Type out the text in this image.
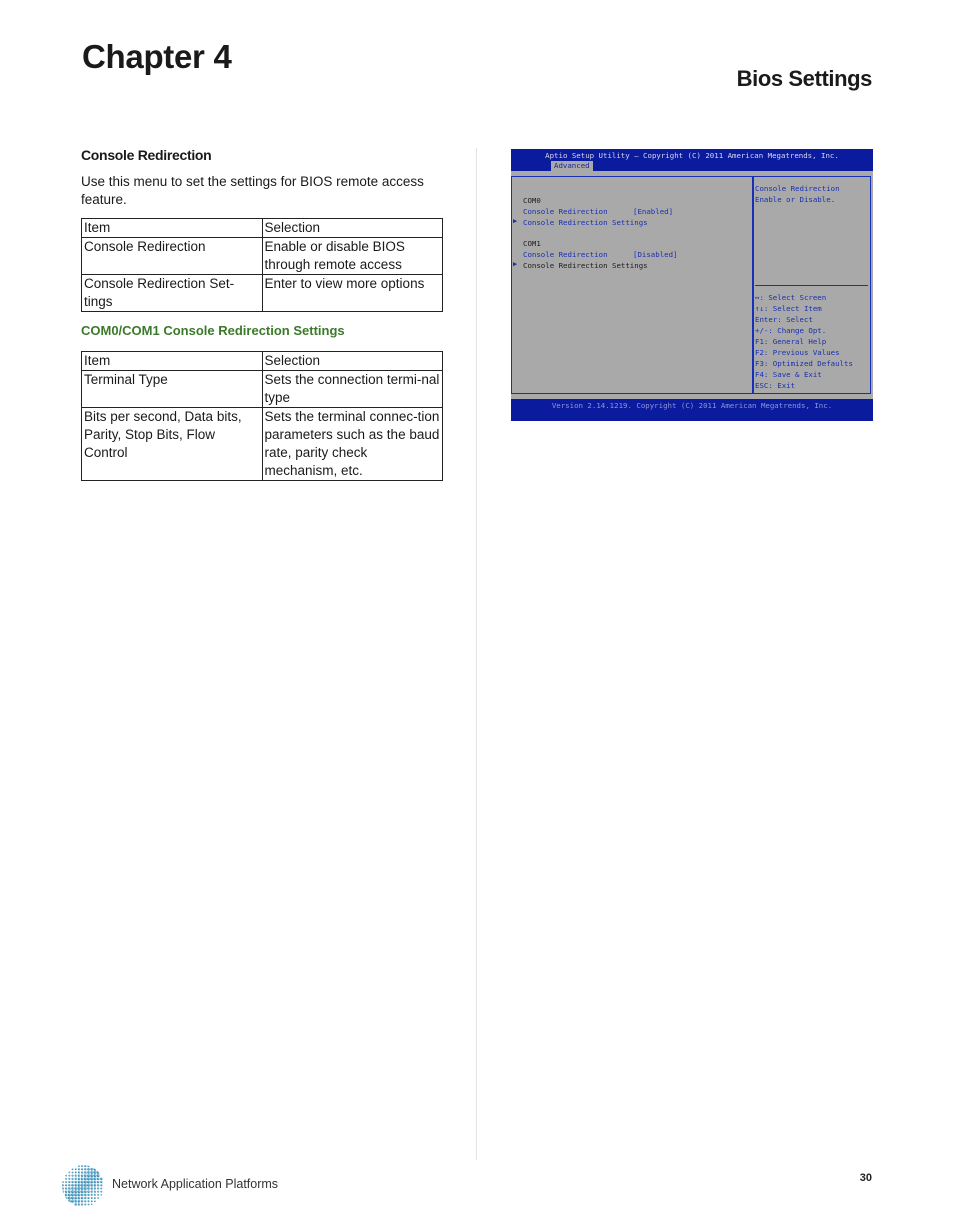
Chapter 4
Bios Settings
Console Redirection

Use this menu to set the settings for BIOS remote access feature.

Item	Selection
Console Redirection	Enable or disable BIOS through remote access
Console Redirection Set-tings	Enter to view more options
COM0/COM1 Console Redirection Settings
Item	Selection
Terminal Type	Sets the connection termi-nal type
Bits per second, Data bits, Parity, Stop Bits, Flow Control	Sets the terminal connec-tion parameters such as the baud rate, parity check mechanism, etc.
Aptio Setup Utility – Copyright (C) 2011 American Megatrends, Inc.
Advanced
COM0
Console Redirection	[Enabled]
▶ Console Redirection Settings
COM1
Console Redirection	[Disabled]
▶ Console Redirection Settings
Console Redirection
Enable or Disable.
↔: Select Screen
↑↓: Select Item
Enter: Select
+/-: Change Opt.
F1: General Help
F2: Previous Values
F3: Optimized Defaults
F4: Save & Exit
ESC: Exit
Version 2.14.1219. Copyright (C) 2011 American Megatrends, Inc.
Network Application Platforms	30
